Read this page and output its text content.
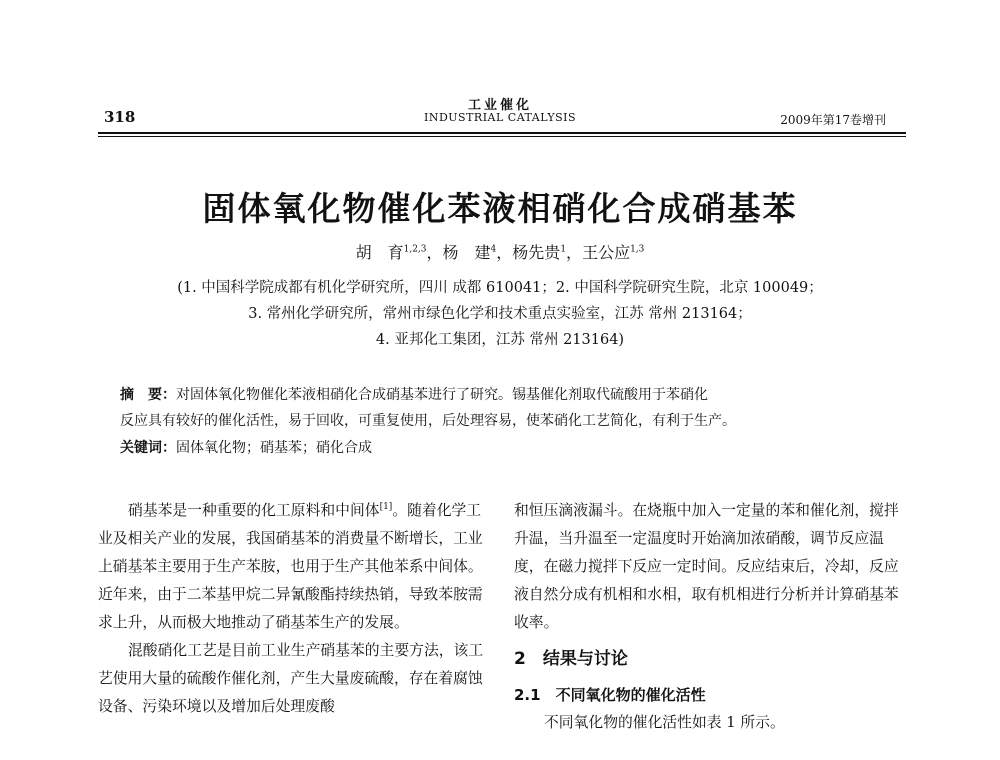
318
工业催化
INDUSTRIAL CATALYSIS	2009年第17卷增刊
固体氧化物催化苯液相硝化合成硝基苯
胡　育$^{1,2,3}$，杨　建$^4$，杨先贵$^1$，王公应$^{1,3}$
(1. 中国科学院成都有机化学研究所，四川 成都 610041；2. 中国科学院研究生院，北京 100049；
3. 常州化学研究所，常州市绿色化学和技术重点实验室，江苏 常州 213164；
4. 亚邦化工集团，江苏 常州 213164)
摘　要：对固体氧化物催化苯液相硝化合成硝基苯进行了研究。锡基催化剂取代硫酸用于苯硝化
反应具有较好的催化活性，易于回收，可重复使用，后处理容易，使苯硝化工艺简化，有利于生产。
关键词：固体氧化物；硝基苯；硝化合成

硝基苯是一种重要的化工原料和中间体[1]。随着化学工业及相关产业的发展，我国硝基苯的消费量不断增长，工业上硝基苯主要用于生产苯胺，也用于生产其他苯系中间体。近年来，由于二苯基甲烷二异氰酸酯持续热销，导致苯胺需求上升，从而极大地推动了硝基苯生产的发展。

混酸硝化工艺是目前工业生产硝基苯的主要方法，该工艺使用大量的硫酸作催化剂，产生大量废硫酸，存在着腐蚀设备、污染环境以及增加后处理废酸

和恒压滴液漏斗。在烧瓶中加入一定量的苯和催化剂，搅拌升温，当升温至一定温度时开始滴加浓硝酸，调节反应温度，在磁力搅拌下反应一定时间。反应结束后，冷却，反应液自然分成有机相和水相，取有机相进行分析并计算硝基苯收率。

2　结果与讨论

2.1　不同氧化物的催化活性

不同氧化物的催化活性如表 1 所示。
